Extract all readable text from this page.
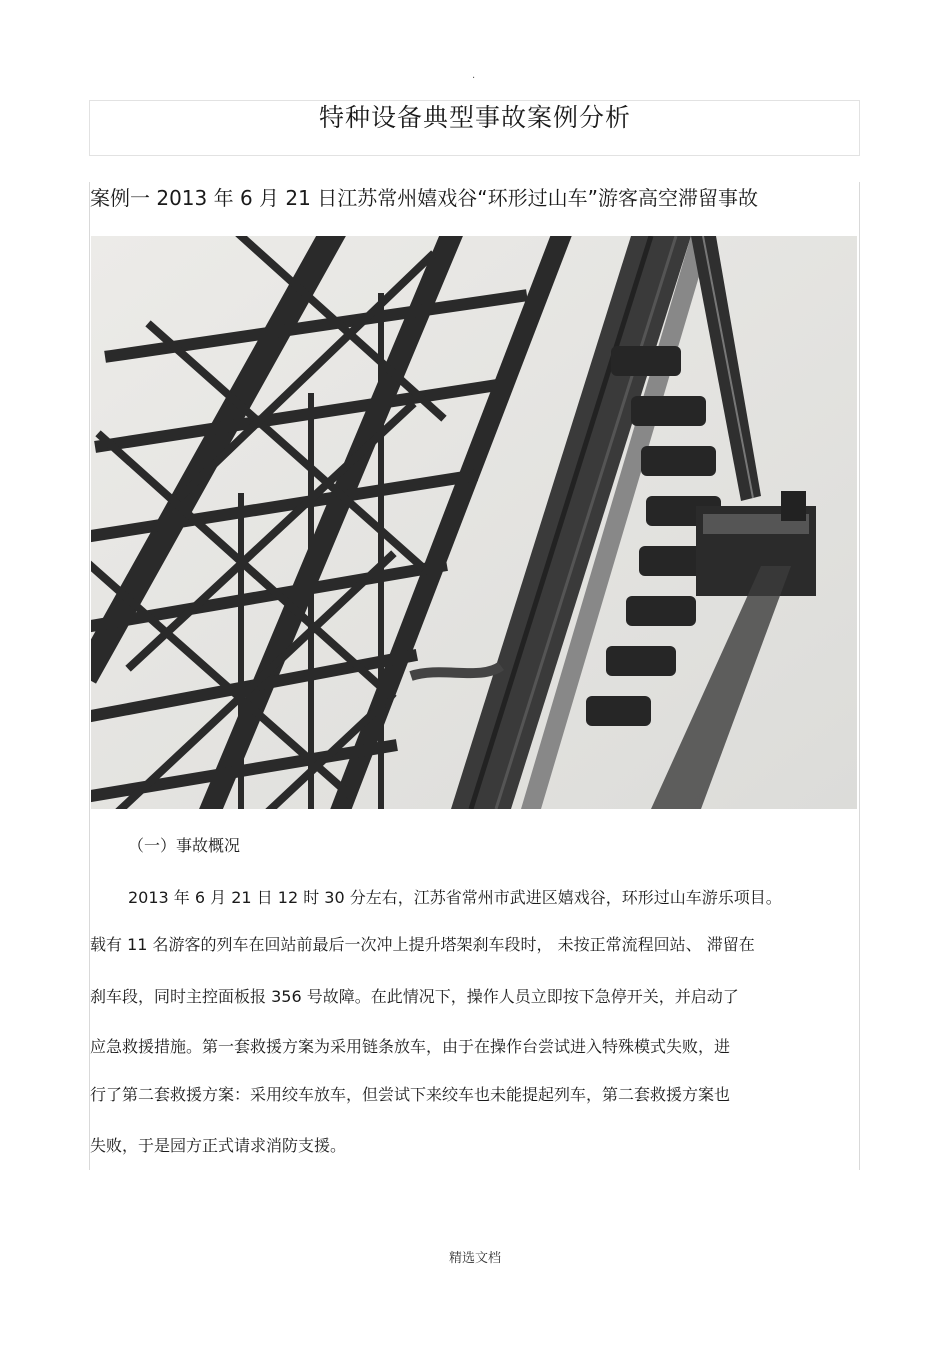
.
特种设备典型事故案例分析
案例一 2013 年 6 月 21 日江苏常州嬉戏谷“环形过山车”游客高空滞留事故
（一）事故概况
2013 年 6 月 21 日 12 时 30 分左右，江苏省常州市武进区嬉戏谷，环形过山车游乐项目。
载有 11 名游客的列车在回站前最后一次冲上提升塔架刹车段时， 未按正常流程回站、 滞留在
刹车段，同时主控面板报 356 号故障。在此情况下，操作人员立即按下急停开关，并启动了
应急救援措施。第一套救援方案为采用链条放车，由于在操作台尝试进入特殊模式失败，进
行了第二套救援方案：采用绞车放车，但尝试下来绞车也未能提起列车，第二套救援方案也
失败，于是园方正式请求消防支援。
精选文档
